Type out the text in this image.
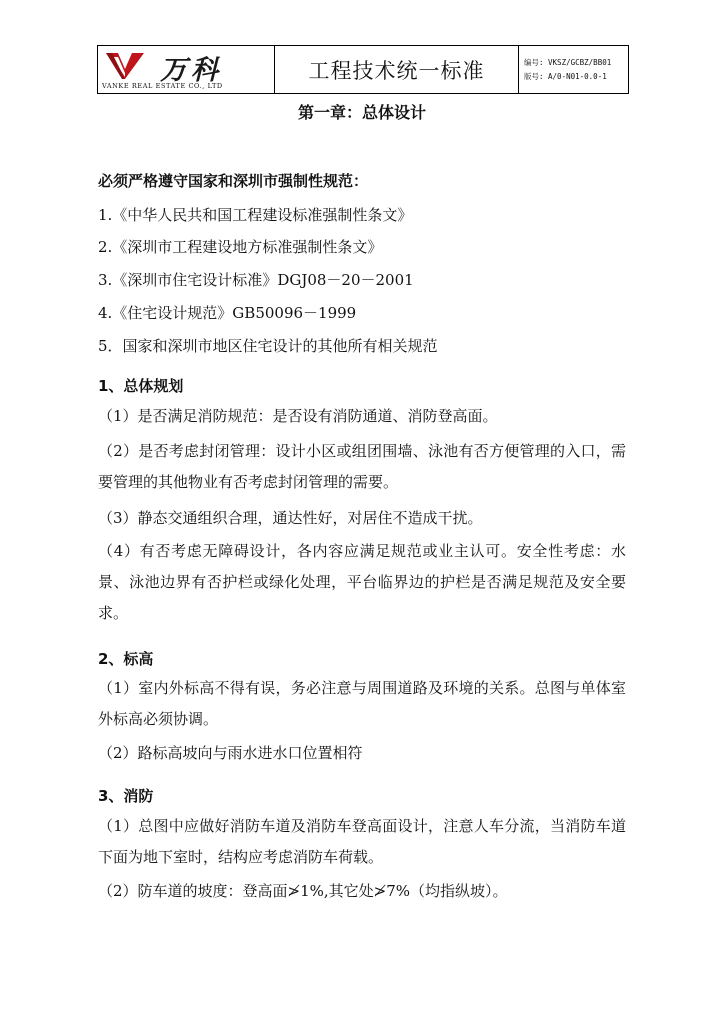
万科
VANKE REAL ESTATE CO., LTD
工程技术统一标准	编号: VKSZ/GCBZ/BB01
版号: A/0-N01-0.0-1
第一章：总体设计
必须严格遵守国家和深圳市强制性规范：
1.《中华人民共和国工程建设标准强制性条文》
2.《深圳市工程建设地方标准强制性条文》
3.《深圳市住宅设计标准》DGJ08－20－2001
4.《住宅设计规范》GB50096－1999
5．国家和深圳市地区住宅设计的其他所有相关规范
1、总体规划
（1）是否满足消防规范：是否设有消防通道、消防登高面。
（2）是否考虑封闭管理：设计小区或组团围墙、泳池有否方便管理的入口，需要管理的其他物业有否考虑封闭管理的需要。
（3）静态交通组织合理，通达性好，对居住不造成干扰。
（4）有否考虑无障碍设计，各内容应满足规范或业主认可。安全性考虑：水景、泳池边界有否护栏或绿化处理，平台临界边的护栏是否满足规范及安全要求。
2、标高
（1）室内外标高不得有误，务必注意与周围道路及环境的关系。总图与单体室外标高必须协调。
（2）路标高坡向与雨水进水口位置相符
3、消防
（1）总图中应做好消防车道及消防车登高面设计，注意人车分流，当消防车道下面为地下室时，结构应考虑消防车荷载。
（2）防车道的坡度：登高面≯1%,其它处≯7%（均指纵坡）。
